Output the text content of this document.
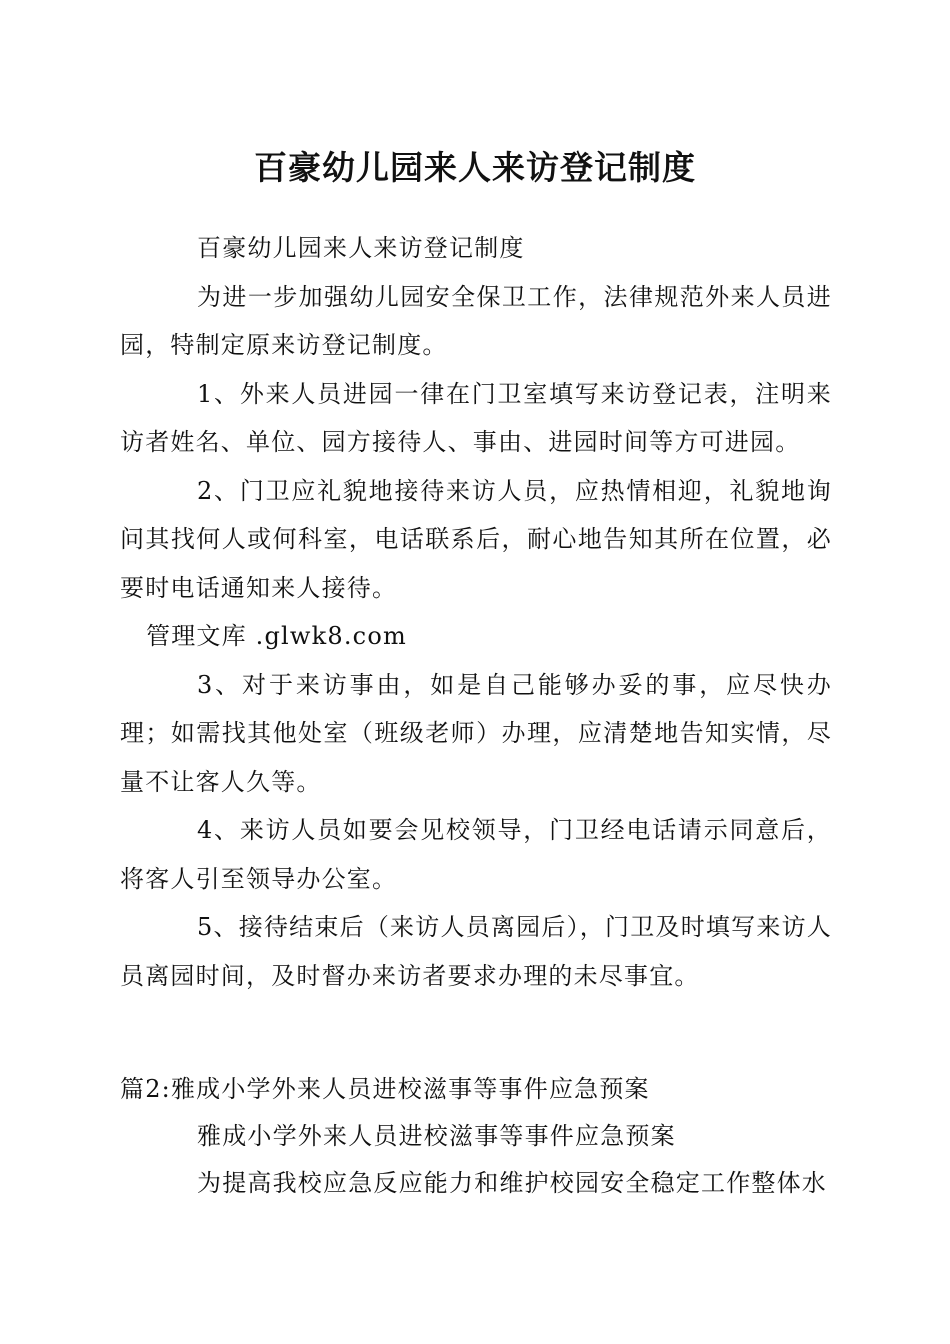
百豪幼儿园来人来访登记制度

百豪幼儿园来人来访登记制度

为进一步加强幼儿园安全保卫工作，法律规范外来人员进园，特制定原来访登记制度。

1、外来人员进园一律在门卫室填写来访登记表，注明来访者姓名、单位、园方接待人、事由、进园时间等方可进园。

2、门卫应礼貌地接待来访人员，应热情相迎，礼貌地询问其找何人或何科室，电话联系后，耐心地告知其所在位置，必要时电话通知来人接待。

管理文库 .glwk8.com

3、对于来访事由，如是自己能够办妥的事，应尽快办理；如需找其他处室（班级老师）办理，应清楚地告知实情，尽量不让客人久等。

4、来访人员如要会见校领导，门卫经电话请示同意后，将客人引至领导办公室。

5、接待结束后（来访人员离园后），门卫及时填写来访人员离园时间，及时督办来访者要求办理的未尽事宜。

篇2:雅成小学外来人员进校滋事等事件应急预案

雅成小学外来人员进校滋事等事件应急预案

为提高我校应急反应能力和维护校园安全稳定工作整体水
